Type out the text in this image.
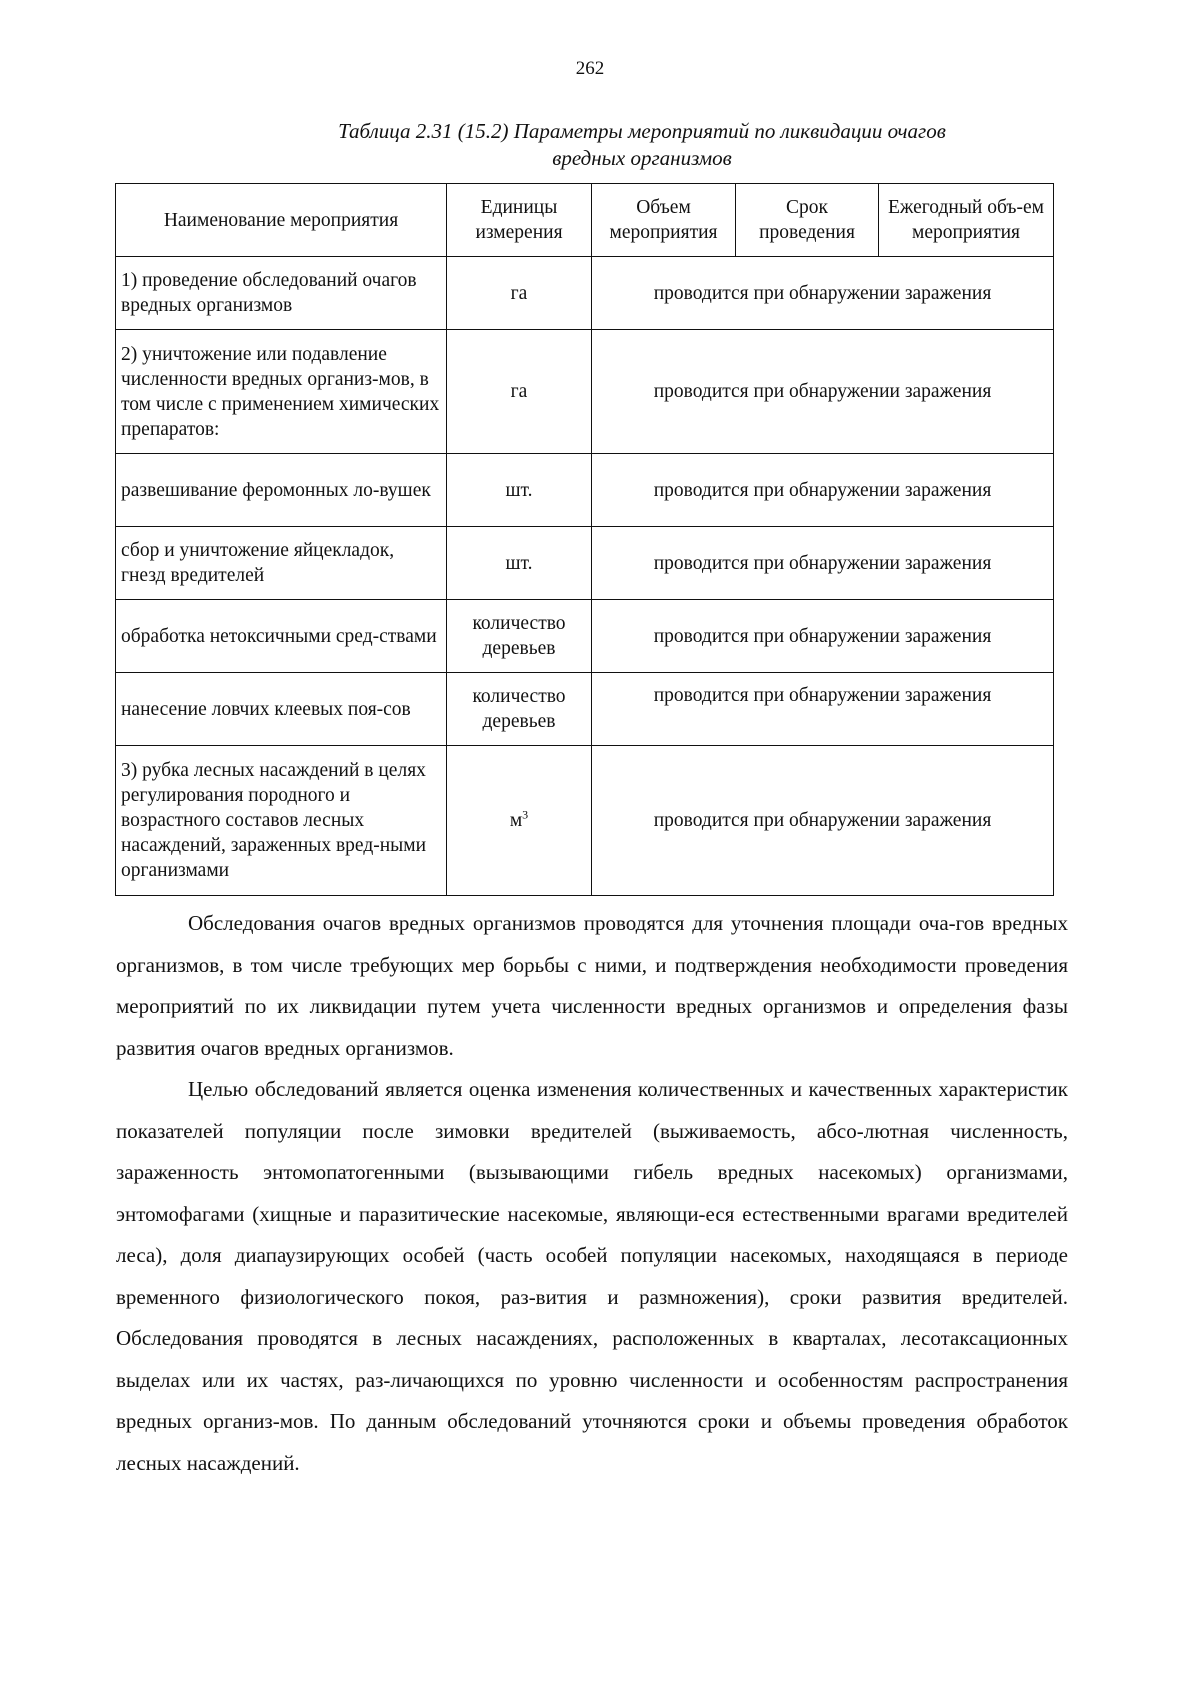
262
Таблица 2.31 (15.2) Параметры мероприятий по ликвидации очагов
вредных организмов
Наименование мероприятия	Единицы измерения	Объем мероприятия	Срок проведения	Ежегодный объ-ем мероприятия
1) проведение обследований очагов вредных организмов	га	проводится при обнаружении заражения		
2) уничтожение или подавление численности вредных организ-мов, в том числе с применением химических препаратов:	га	проводится при обнаружении заражения		
развешивание феромонных ло-вушек	шт.	проводится при обнаружении заражения		
сбор и уничтожение яйцекладок, гнезд вредителей	шт.	проводится при обнаружении заражения		
обработка нетоксичными сред-ствами	количество деревьев	проводится при обнаружении заражения		
нанесение ловчих клеевых поя-сов	количество деревьев	проводится при обнаружении заражения		
3) рубка лесных насаждений в целях регулирования породного и возрастного составов лесных насаждений, зараженных вред-ными организмами	$м^3$	проводится при обнаружении заражения		

Обследования очагов вредных организмов проводятся для уточнения площади оча-гов вредных организмов, в том числе требующих мер борьбы с ними, и подтверждения необходимости проведения мероприятий по их ликвидации путем учета численности вредных организмов и определения фазы развития очагов вредных организмов.

Целью обследований является оценка изменения количественных и качественных характеристик показателей популяции после зимовки вредителей (выживаемость, абсо-лютная численность, зараженность энтомопатогенными (вызывающими гибель вредных насекомых) организмами, энтомофагами (хищные и паразитические насекомые, являющи-еся естественными врагами вредителей леса), доля диапаузирующих особей (часть особей популяции насекомых, находящаяся в периоде временного физиологического покоя, раз-вития и размножения), сроки развития вредителей. Обследования проводятся в лесных насаждениях, расположенных в кварталах, лесотаксационных выделах или их частях, раз-личающихся по уровню численности и особенностям распространения вредных организ-мов. По данным обследований уточняются сроки и объемы проведения обработок лесных насаждений.
